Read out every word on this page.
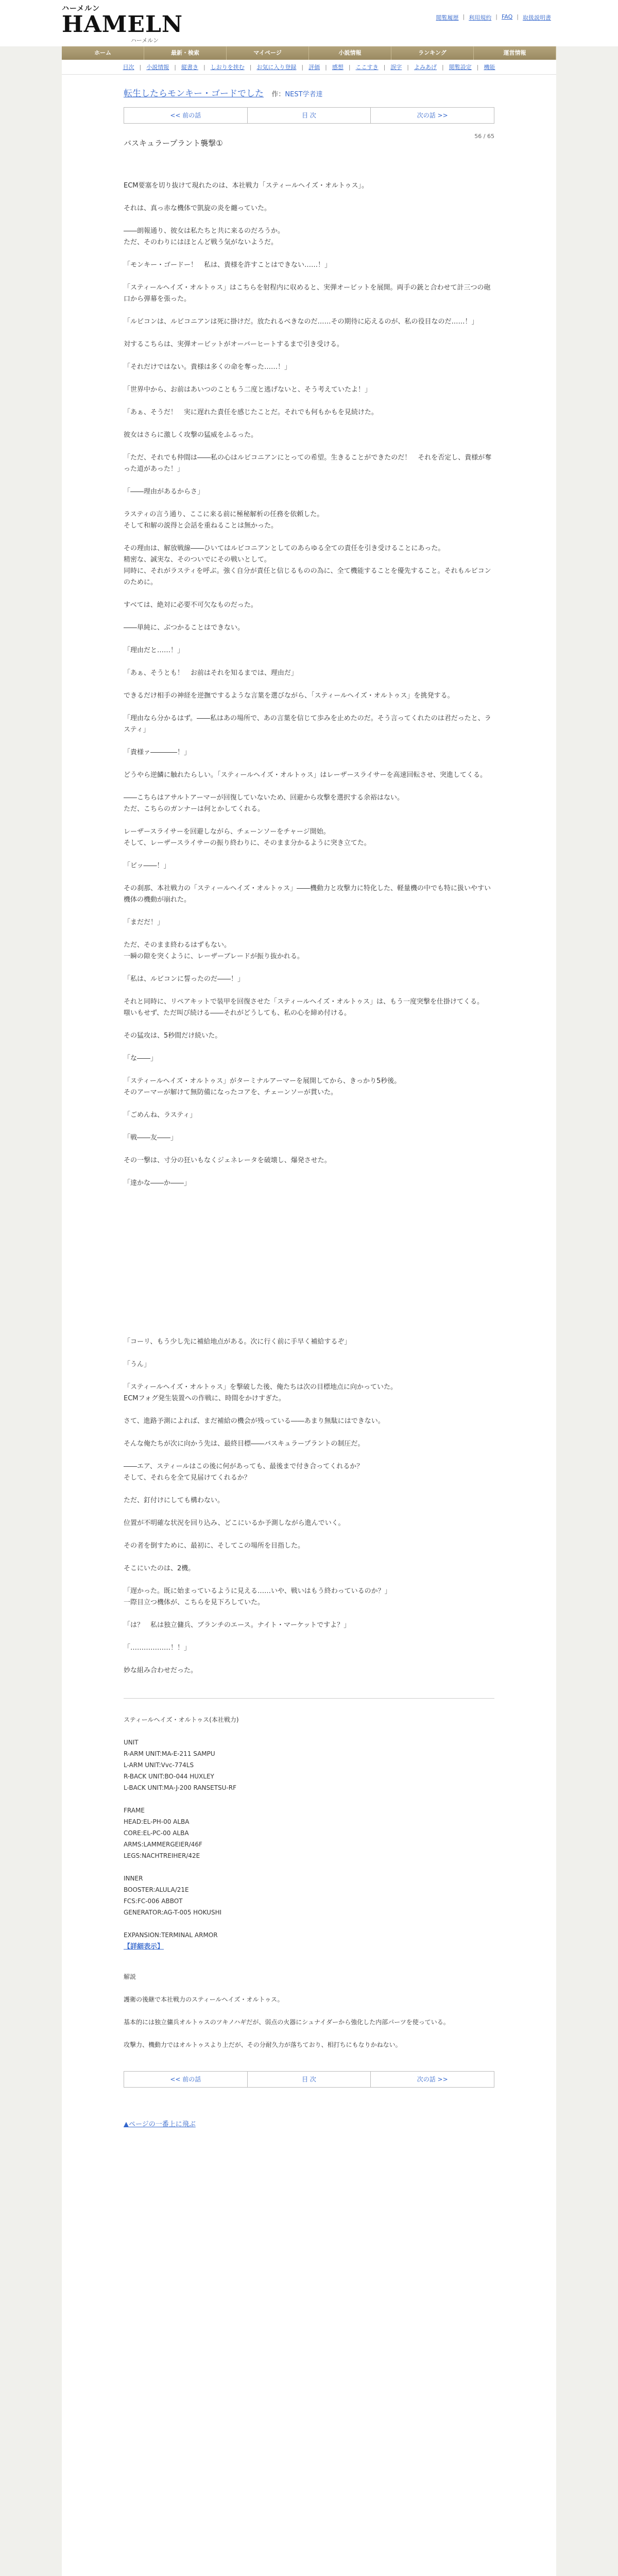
ハーメルン
HAMELN
ハーメルン
閲覧履歴 | 利用規約 | FAQ | 取扱説明書
ホーム	最新・検索	マイページ	小説情報	ランキング	運営情報
目次 | 小説情報 | 縦書き | しおりを挟む | お気に入り登録 | 評価 | 感想 | ここすき | 誤字 | よみあげ | 閲覧設定 | 機能
転生したらモンキー・ゴードでした 作：NEST学者達
<< 前の話	目 次	次の話 >>
56 / 65
バスキュラープラント襲撃①

ECM要塞を切り抜けて現れたのは、本社戦力「スティールヘイズ・オルトゥス」。

それは、真っ赤な機体で凱旋の炎を纏っていた。

――朗報通り、彼女は私たちと共に来るのだろうか。

ただ、そのわりにはほとんど戦う気がないようだ。

「モンキー・ゴードー！　私は、貴様を許すことはできない……！」

「スティールヘイズ・オルトゥス」はこちらを射程内に収めると、実弾オービットを展開。両手の銃と合わせて計三つの砲口から弾幕を張った。

「ルビコンは、ルビコニアンは死に掛けだ。放たれるべきなのだ……その期待に応えるのが、私の役目なのだ……！」

対するこちらは、実弾オービットがオーバーヒートするまで引き受ける。

「それだけではない。貴様は多くの命を奪った……！」

「世界中から、お前はあいつのこともう二度と逃げないと、そう考えていたよ！」

「あぁ、そうだ！　実に遅れた責任を感じたことだ。それでも何もかもを見続けた。

彼女はさらに激しく攻撃の猛威をふるった。

「ただ、それでも仲間は――私の心はルビコニアンにとっての希望。生きることができたのだ！　それを否定し、貴様が奪った道があった！」

「――理由があるからさ」

ラスティの言う通り、ここに来る前に極秘解析の任務を依頼した。

そして和解の説得と会話を重ねることは無かった。

その理由は、解放戦線――ひいてはルビコニアンとしてのあらゆる全ての責任を引き受けることにあった。

精密な、誠実な、そのついでにその戦いとして。

同時に、それがラスティを呼ぶ。強く自分が責任と信じるものの為に、全て機能することを優先すること。それもルビコンのために。

すべては、絶対に必要不可欠なものだった。

――単純に、ぶつかることはできない。

「理由だと……！」

「あぁ、そうとも！　お前はそれを知るまでは、理由だ」

できるだけ相手の神経を逆撫でするような言葉を選びながら、「スティールヘイズ・オルトゥス」を挑発する。

「理由なら分かるはず。――私はあの場所で、あの言葉を信じて歩みを止めたのだ。そう言ってくれたのは君だったと、ラスティ」

「貴様ァ――――！」

どうやら逆鱗に触れたらしい。「スティールヘイズ・オルトゥス」はレーザースライサーを高速回転させ、突進してくる。

――こちらはアサルトアーマーが回復していないため、回避から攻撃を選択する余裕はない。

ただ、こちらのガンナーは何とかしてくれる。

レーザースライサーを回避しながら、チェーンソーをチャージ開始。

そして、レーザースライサーの振り終わりに、そのまま分かるように突き立てた。

「ビッ――！」

その刹那、本社戦力の「スティールヘイズ・オルトゥス」――機動力と攻撃力に特化した、軽量機の中でも特に扱いやすい機体の機動が崩れた。

「まだだ！」

ただ、そのまま終わるはずもない。

一瞬の隙を突くように、レーザーブレードが振り抜かれる。

「私は、ルビコンに誓ったのだ――！」

それと同時に、リペアキットで装甲を回復させた「スティールヘイズ・オルトゥス」は、もう一度突撃を仕掛けてくる。

嗤いもせず、ただ叫び続ける――それがどうしても、私の心を締め付ける。

その猛攻は、5秒間だけ続いた。

「な――」

「スティールヘイズ・オルトゥス」がターミナルアーマーを展開してから、きっかり5秒後。

そのアーマーが解けて無防備になったコアを、チェーンソーが貫いた。

「ごめんね、ラスティ」

「戦――友――」

その一撃は、寸分の狂いもなくジェネレータを破壊し、爆発させた。

「達かな――か――」

「コーリ、もう少し先に補給地点がある。次に行く前に手早く補給するぞ」

「うん」

「スティールヘイズ・オルトゥス」を撃破した後、俺たちは次の目標地点に向かっていた。

ECMフォグ発生装置への作戦に、時間をかけすぎた。

さて、進路予測によれば、まだ補給の機会が残っている――あまり無駄にはできない。

そんな俺たちが次に向かう先は、最終目標――バスキュラープラントの制圧だ。

――エア、スティールはこの後に何があっても、最後まで付き合ってくれるか？

そして、それらを全て見届けてくれるか？

ただ、釘付けにしても構わない。

位置が不明確な状況を回り込み、どこにいるか予測しながら進んでいく。

その者を倒すために、最初に、そしてこの場所を目指した。

そこにいたのは、2機。

「遅かった。既に始まっているように見える……いや、戦いはもう終わっているのか？」

一際目立つ機体が、こちらを見下ろしていた。

「は？　私は独立傭兵、ブランチのエース。ナイト・マーケットですよ？」

「………………！！」

妙な組み合わせだった。

スティールヘイズ・オルトゥス(本社戦力)

UNIT

R-ARM UNIT:MA-E-211 SAMPU

L-ARM UNIT:Vvc-774LS

R-BACK UNIT:BO-044 HUXLEY

L-BACK UNIT:MA-J-200 RANSETSU-RF

FRAME

HEAD:EL-PH-00 ALBA

CORE:EL-PC-00 ALBA

ARMS:LAMMERGEIER/46F

LEGS:NACHTREIHER/42E

INNER

BOOSTER:ALULA/21E

FCS:FC-006 ABBOT

GENERATOR:AG-T-005 HOKUSHI

EXPANSION:TERMINAL ARMOR

【詳細表示】

解説

護衛の後継で本社戦力のスティールヘイズ・オルトゥス。

基本的には独立傭兵オルトゥスのツキノハギだが、弱点の火器にシュナイダーから強化した内部パーツを使っている。

攻撃力、機動力ではオルトゥスより上だが、その分耐久力が落ちており、相打ちにもなりかねない。

<< 前の話	目 次	次の話 >>
▲ページの一番上に飛ぶ
